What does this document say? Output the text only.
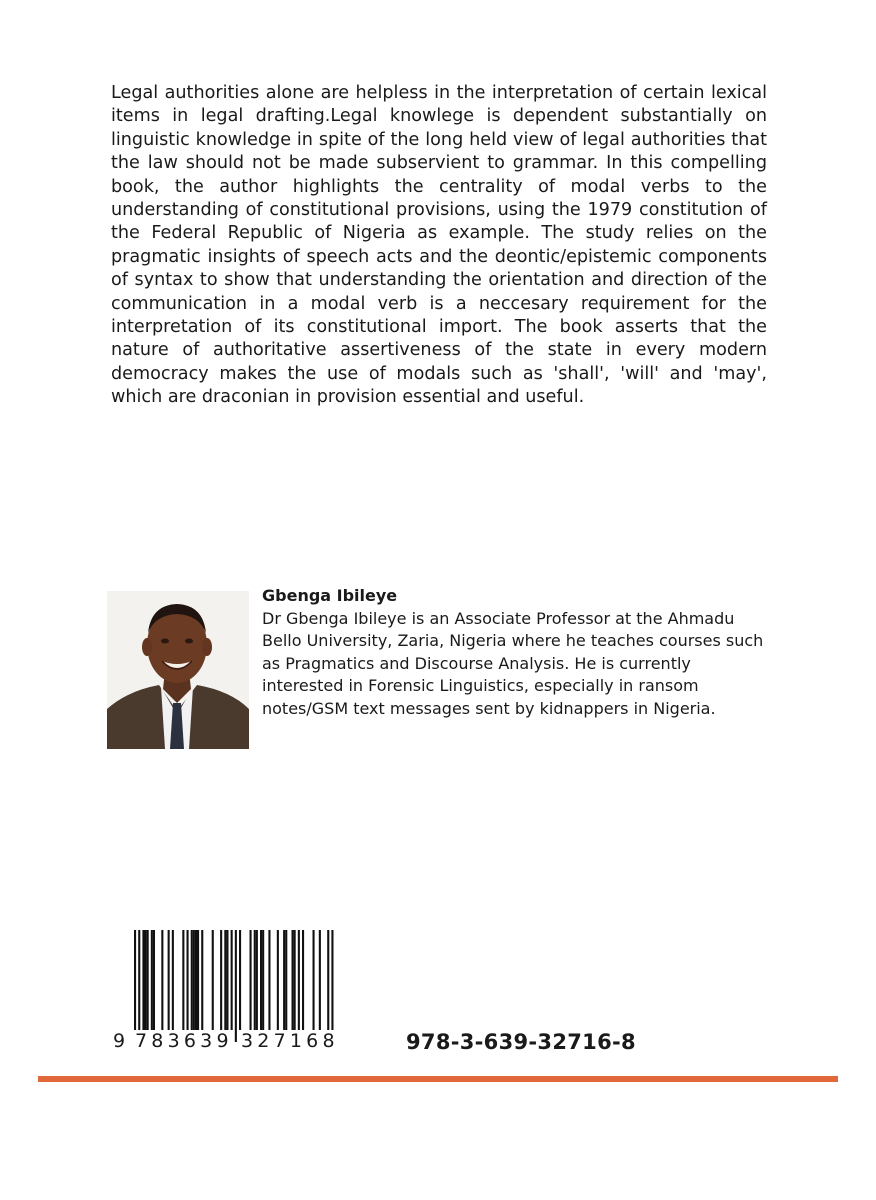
Legal authorities alone are helpless in the interpretation of certain lexical items in legal drafting.Legal knowlege is dependent substantially on linguistic knowledge in spite of the long held view of legal authorities that the law should not be made subservient to grammar. In this compelling book, the author highlights the centrality of modal verbs to the understanding of constitutional provisions, using the 1979 constitution of the Federal Republic of Nigeria as example. The study relies on the pragmatic insights of speech acts and the deontic/epistemic components of syntax to show that understanding the orientation and direction of the communication in a modal verb is a neccesary requirement for the interpretation of its constitutional import. The book asserts that the nature of authoritative assertiveness of the state in every modern democracy makes the use of modals such as 'shall', 'will' and 'may', which are draconian in provision essential and useful.

Gbenga Ibileye

Dr Gbenga Ibileye is an Associate Professor at the Ahmadu Bello University, Zaria, Nigeria where he teaches courses such as Pragmatics and Discourse Analysis. He is currently interested in Forensic Linguistics, especially in ransom notes/GSM text messages sent by kidnappers in Nigeria.

9 783639 327168	978-3-639-32716-8
